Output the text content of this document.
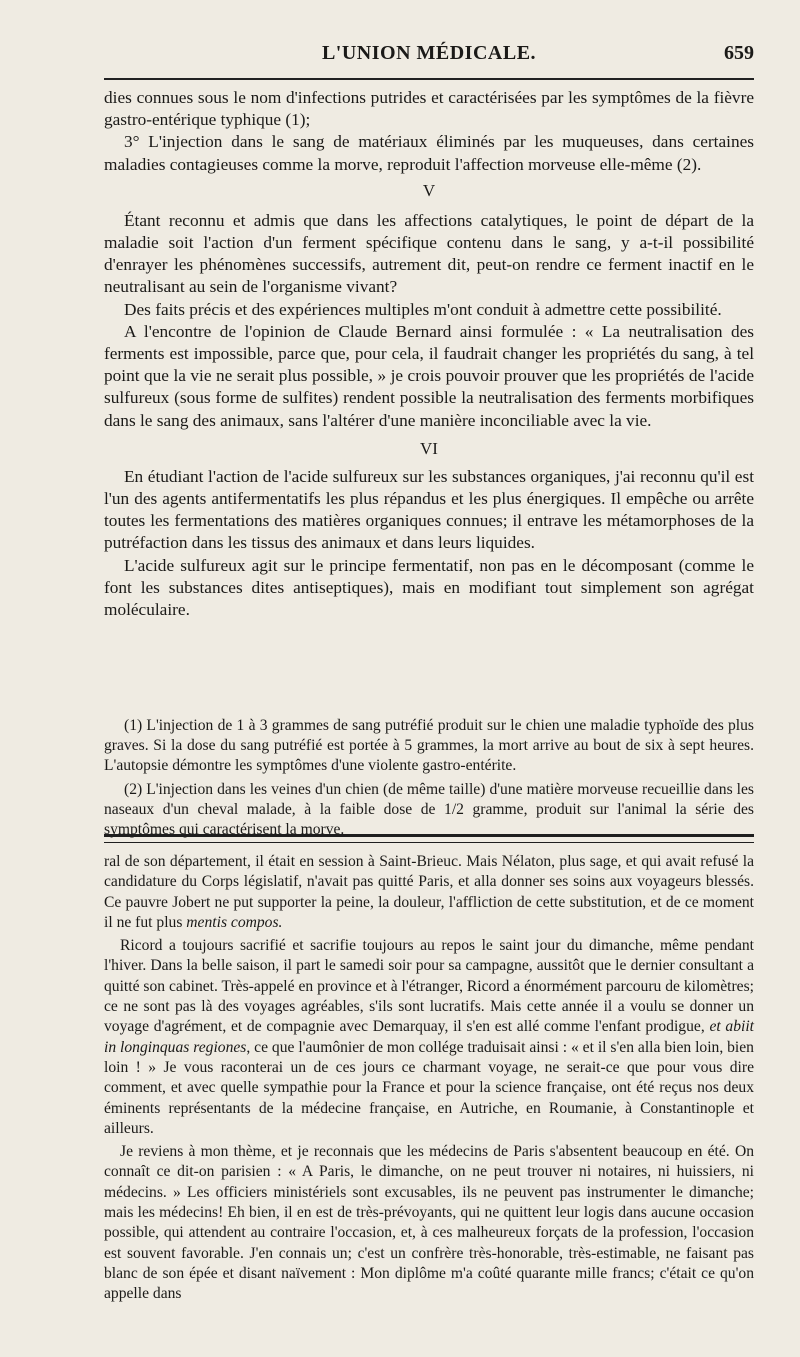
L'UNION MÉDICALE.	659

dies connues sous le nom d'infections putrides et caractérisées par les symptômes de la fièvre gastro-entérique typhique (1);

3° L'injection dans le sang de matériaux éliminés par les muqueuses, dans certaines maladies contagieuses comme la morve, reproduit l'affection morveuse elle-même (2).

V

Étant reconnu et admis que dans les affections catalytiques, le point de départ de la maladie soit l'action d'un ferment spécifique contenu dans le sang, y a-t-il possibilité d'enrayer les phénomènes successifs, autrement dit, peut-on rendre ce ferment inactif en le neutralisant au sein de l'organisme vivant?

Des faits précis et des expériences multiples m'ont conduit à admettre cette possibilité.

A l'encontre de l'opinion de Claude Bernard ainsi formulée : « La neutralisation des ferments est impossible, parce que, pour cela, il faudrait changer les propriétés du sang, à tel point que la vie ne serait plus possible, » je crois pouvoir prouver que les propriétés de l'acide sulfureux (sous forme de sulfites) rendent possible la neutralisation des ferments morbifiques dans le sang des animaux, sans l'altérer d'une manière inconciliable avec la vie.

VI

En étudiant l'action de l'acide sulfureux sur les substances organiques, j'ai reconnu qu'il est l'un des agents antifermentatifs les plus répandus et les plus énergiques. Il empêche ou arrête toutes les fermentations des matières organiques connues; il entrave les métamorphoses de la putréfaction dans les tissus des animaux et dans leurs liquides.

L'acide sulfureux agit sur le principe fermentatif, non pas en le décomposant (comme le font les substances dites antiseptiques), mais en modifiant tout simplement son agrégat moléculaire.

(1) L'injection de 1 à 3 grammes de sang putréfié produit sur le chien une maladie typhoïde des plus graves. Si la dose du sang putréfié est portée à 5 grammes, la mort arrive au bout de six à sept heures. L'autopsie démontre les symptômes d'une violente gastro-entérite.

(2) L'injection dans les veines d'un chien (de même taille) d'une matière morveuse recueillie dans les naseaux d'un cheval malade, à la faible dose de 1/2 gramme, produit sur l'animal la série des symptômes qui caractérisent la morve.

ral de son département, il était en session à Saint-Brieuc. Mais Nélaton, plus sage, et qui avait refusé la candidature du Corps législatif, n'avait pas quitté Paris, et alla donner ses soins aux voyageurs blessés. Ce pauvre Jobert ne put supporter la peine, la douleur, l'affliction de cette substitution, et de ce moment il ne fut plus mentis compos.

Ricord a toujours sacrifié et sacrifie toujours au repos le saint jour du dimanche, même pendant l'hiver. Dans la belle saison, il part le samedi soir pour sa campagne, aussitôt que le dernier consultant a quitté son cabinet. Très-appelé en province et à l'étranger, Ricord a énormément parcouru de kilomètres; ce ne sont pas là des voyages agréables, s'ils sont lucratifs. Mais cette année il a voulu se donner un voyage d'agrément, et de compagnie avec Demarquay, il s'en est allé comme l'enfant prodigue, et abiit in longinquas regiones, ce que l'aumônier de mon collége traduisait ainsi : « et il s'en alla bien loin, bien loin ! » Je vous raconterai un de ces jours ce charmant voyage, ne serait-ce que pour vous dire comment, et avec quelle sympathie pour la France et pour la science française, ont été reçus nos deux éminents représentants de la médecine française, en Autriche, en Roumanie, à Constantinople et ailleurs.

Je reviens à mon thème, et je reconnais que les médecins de Paris s'absentent beaucoup en été. On connaît ce dit-on parisien : « A Paris, le dimanche, on ne peut trouver ni notaires, ni huissiers, ni médecins. » Les officiers ministériels sont excusables, ils ne peuvent pas instrumenter le dimanche; mais les médecins! Eh bien, il en est de très-prévoyants, qui ne quittent leur logis dans aucune occasion possible, qui attendent au contraire l'occasion, et, à ces malheureux forçats de la profession, l'occasion est souvent favorable. J'en connais un; c'est un confrère très-honorable, très-estimable, ne faisant pas blanc de son épée et disant naïvement : Mon diplôme m'a coûté quarante mille francs; c'était ce qu'on appelle dans
